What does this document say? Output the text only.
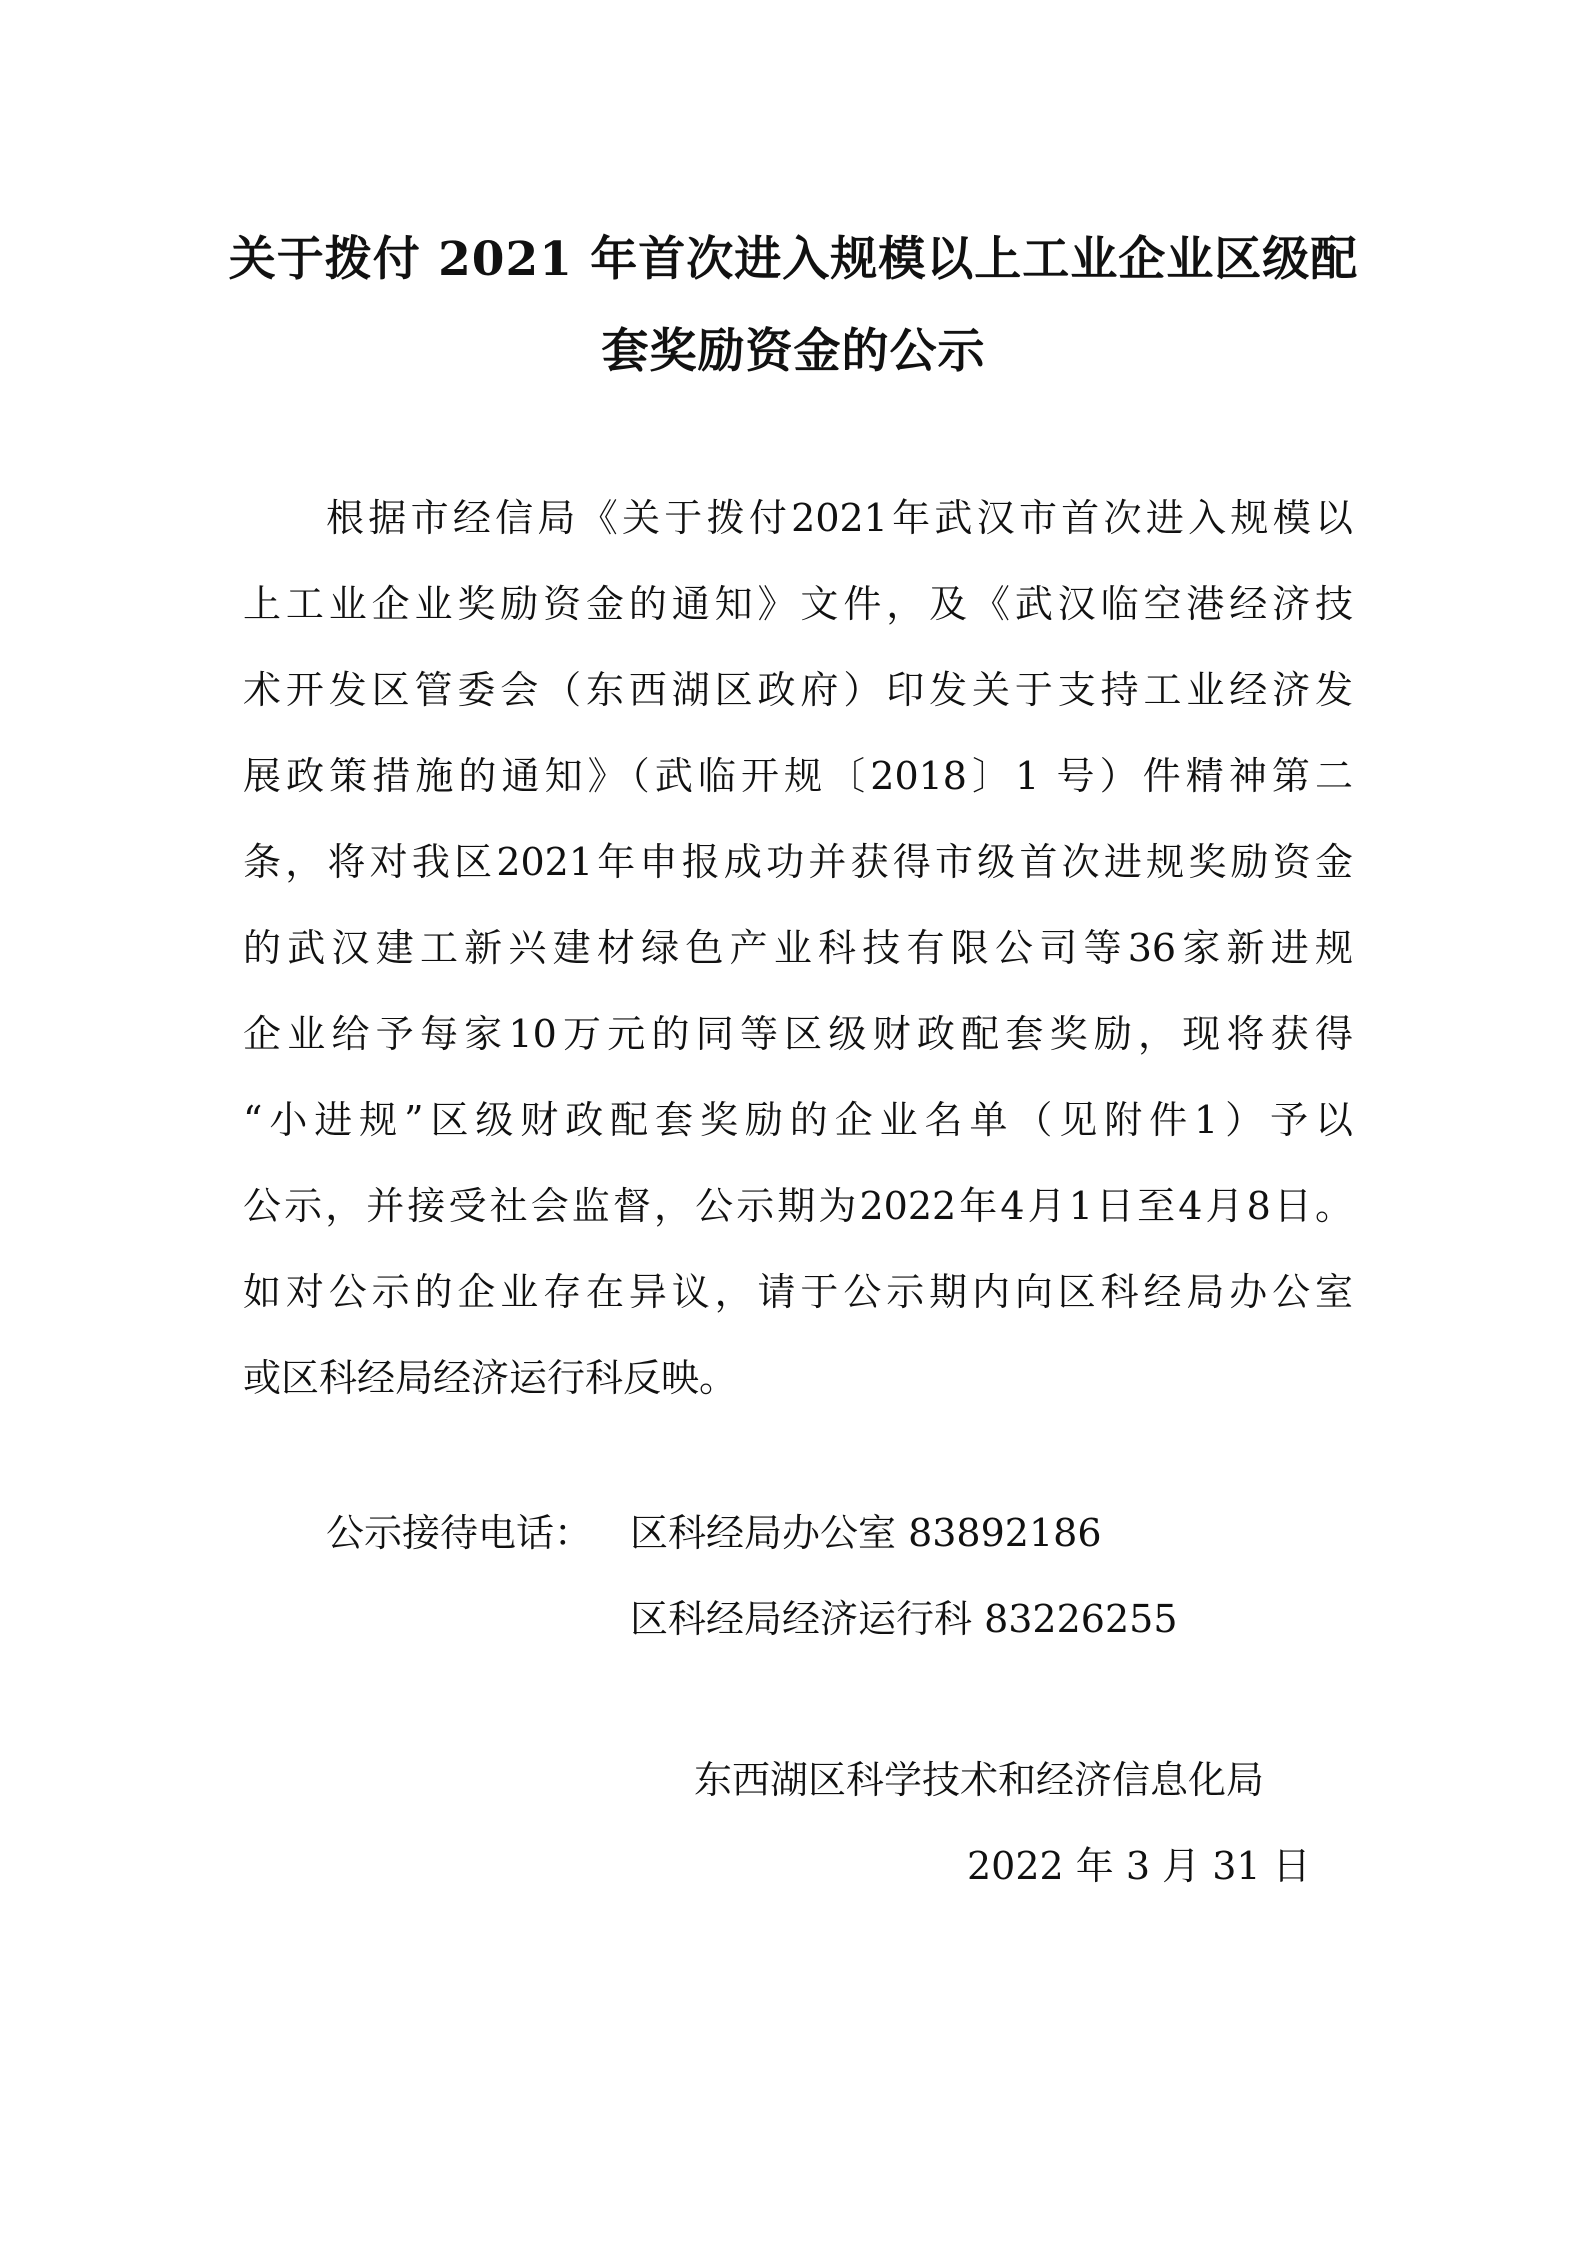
关于拨付 2021 年首次进入规模以上工业企业区级配
套奖励资金的公示

根据市经信局《关于拨付2021年武汉市首次进入规模以

上工业企业奖励资金的通知》文件，及《武汉临空港经济技

术开发区管委会（东西湖区政府）印发关于支持工业经济发

展政策措施的通知》（武临开规〔2018〕1 号）件精神第二

条，将对我区2021年申报成功并获得市级首次进规奖励资金

的武汉建工新兴建材绿色产业科技有限公司等36家新进规

企业给予每家10万元的同等区级财政配套奖励，现将获得

“小进规”区级财政配套奖励的企业名单（见附件1）予以

公示，并接受社会监督，公示期为2022年4月1日至4月8日。

如对公示的企业存在异议，请于公示期内向区科经局办公室

或区科经局经济运行科反映。

公示接待电话： 区科经局办公室 83892186

区科经局经济运行科 83226255

东西湖区科学技术和经济信息化局

2022 年 3 月 31 日
